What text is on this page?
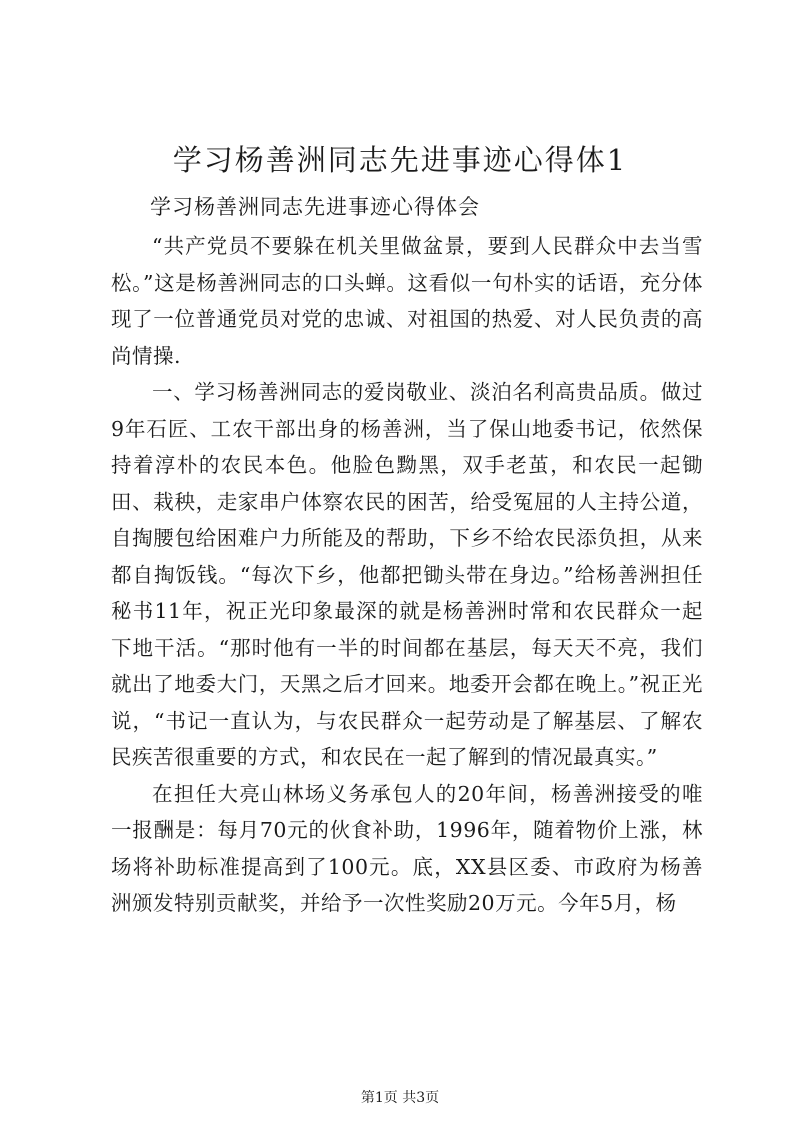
学习杨善洲同志先进事迹心得体1
学习杨善洲同志先进事迹心得体会

“共产党员不要躲在机关里做盆景，要到人民群众中去当雪松。”这是杨善洲同志的口头蝉。这看似一句朴实的话语，充分体现了一位普通党员对党的忠诚、对祖国的热爱、对人民负责的高尚情操.

一、学习杨善洲同志的爱岗敬业、淡泊名利高贵品质。做过9年石匠、工农干部出身的杨善洲，当了保山地委书记，依然保持着淳朴的农民本色。他脸色黝黑，双手老茧，和农民一起锄田、栽秧，走家串户体察农民的困苦，给受冤屈的人主持公道，自掏腰包给困难户力所能及的帮助，下乡不给农民添负担，从来都自掏饭钱。“每次下乡，他都把锄头带在身边。”给杨善洲担任秘书11年，祝正光印象最深的就是杨善洲时常和农民群众一起下地干活。“那时他有一半的时间都在基层，每天天不亮，我们就出了地委大门，天黑之后才回来。地委开会都在晚上。”祝正光说，“书记一直认为，与农民群众一起劳动是了解基层、了解农民疾苦很重要的方式，和农民在一起了解到的情况最真实。”

在担任大亮山林场义务承包人的20年间，杨善洲接受的唯一报酬是：每月70元的伙食补助，1996年，随着物价上涨，林场将补助标准提高到了100元。底，XX县区委、市政府为杨善洲颁发特别贡献奖，并给予一次性奖励20万元。今年5月，杨

第1页 共3页
